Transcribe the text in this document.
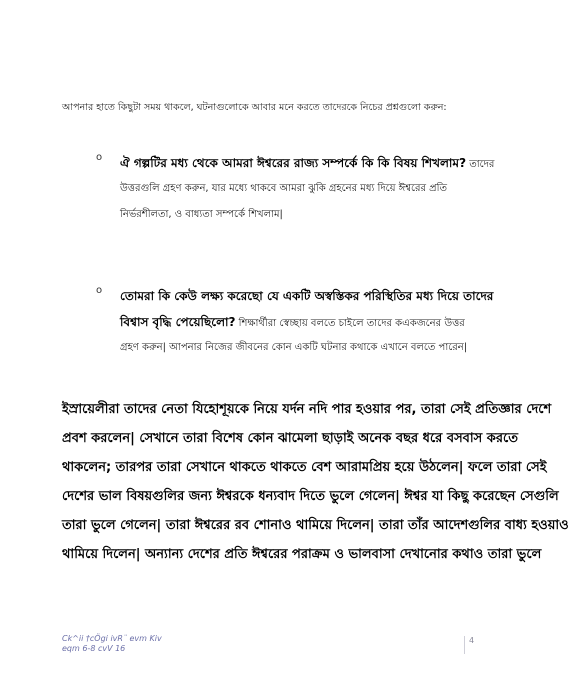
আপনার হাতে কিছুটা সময় থাকলে, ঘটনাগুলোকে আবার মনে করতে তাদেরকে নিচের প্রশ্নগুলো করুন:
o ঐ গল্পটির মধ্য থেকে আমরা ঈশ্বরের রাজ্য সম্পর্কে কি কি বিষয় শিখলাম? তাদের
উত্তরগুলি গ্রহণ করুন, যার মধ্যে থাকবে আমরা ঝুকি গ্রহনের মধ্য দিয়ে ঈশ্বরের প্রতি
নির্ভরশীলতা, ও বাধ্যতা সম্পর্কে শিখলাম|
o তোমরা কি কেউ লক্ষ্য করেছো যে একটি অস্বস্তিকর পরিস্থিতির মধ্য দিয়ে তাদের
বিশ্বাস বৃদ্ধি পেয়েছিলো? শিক্ষার্থীরা স্বেচ্ছায় বলতে চাইলে তাদের কএকজনের উত্তর
গ্রহণ করুন| আপনার নিজের জীবনের কোন একটি ঘটনার কথাকে এখানে বলতে পারেন|
ইস্রায়েলীরা তাদের নেতা যিহোশূয়কে নিয়ে যর্দন নদি পার হওয়ার পর, তারা সেই প্রতিজ্ঞার দেশে
প্রবশ করলেন| সেখানে তারা বিশেষ কোন ঝামেলা ছাড়াই অনেক বছর ধরে বসবাস করতে
থাকলেন; তারপর তারা সেখানে থাকতে থাকতে বেশ আরামপ্রিয় হয়ে উঠলেন| ফলে তারা সেই
দেশের ভাল বিষয়গুলির জন্য ঈশ্বরকে ধন্যবাদ দিতে ভুলে গেলেন| ঈশ্বর যা কিছু করেছেন সেগুলি
তারা ভুলে গেলেন| তারা ঈশ্বরের রব শোনাও থামিয়ে দিলেন| তারা তাঁর আদেশগুলির বাধ্য হওয়াও
থামিয়ে দিলেন| অন্যান্য দেশের প্রতি ঈশ্বরের পরাক্রম ও ভালবাসা দেখানোর কথাও তারা ভুলে
Ck^ii †cÖgi ivR¨ evm Kiv
eqm 6-8 cvV 16
4
